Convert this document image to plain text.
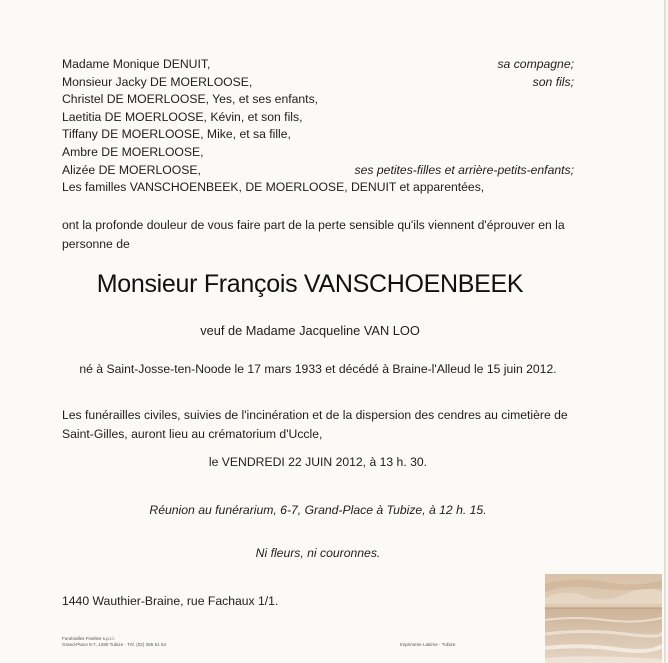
Madame Monique DENUIT,	sa compagne;
Monsieur Jacky DE MOERLOOSE,	son fils;
Christel DE MOERLOOSE, Yes, et ses enfants,
Laetitia DE MOERLOOSE, Kévin, et son fils,
Tiffany DE MOERLOOSE, Mike, et sa fille,
Ambre DE MOERLOOSE,
Alizée DE MOERLOOSE,	ses petites-filles et arrière-petits-enfants;
Les familles VANSCHOENBEEK, DE MOERLOOSE, DENUIT et apparentées,
ont la profonde douleur de vous faire part de la perte sensible qu'ils viennent d'éprouver en la personne de
Monsieur François VANSCHOENBEEK
veuf de Madame Jacqueline VAN LOO
né à Saint-Josse-ten-Noode le 17 mars 1933 et décédé à Braine-l'Alleud le 15 juin 2012.
Les funérailles civiles, suivies de l'incinération et de la dispersion des cendres au cimetière de Saint-Gilles, auront lieu au crématorium d'Uccle,
le VENDREDI 22 JUIN 2012, à 13 h. 30.
Réunion au funérarium, 6-7, Grand-Place à Tubize, à 12 h. 15.
Ni fleurs, ni couronnes.
1440 Wauthier-Braine, rue Fachaux 1/1.
Funérailles Fivelles s.p.r.l.
Grand-Place 6-7, 1480 Tubize · Tél. (02) 355 51 54	Imprimerie Lakime · Tubize
